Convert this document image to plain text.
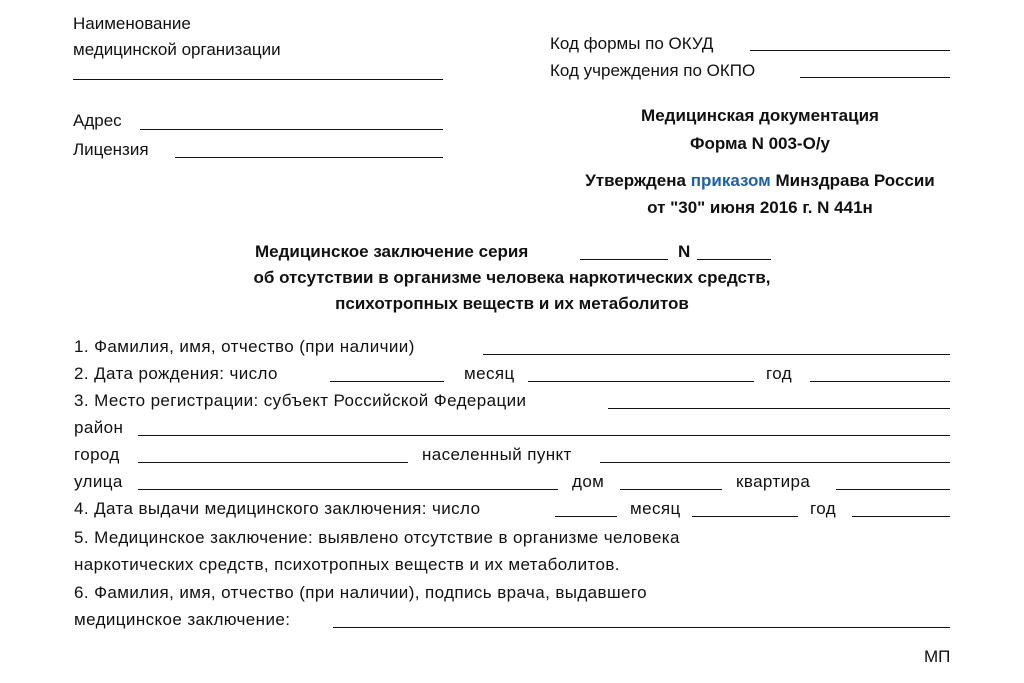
Наименование
медицинской организации
Адрес
Лицензия
Код формы по ОКУД
Код учреждения по ОКПО
Медицинская документация
Форма N 003-О/у
Утверждена приказом Минздрава России
от "30" июня 2016 г. N 441н
Медицинское заключение серия	N
об отсутствии в организме человека наркотических средств,
психотропных веществ и их метаболитов
1. Фамилия, имя, отчество (при наличии)
2. Дата рождения: число	месяц	год
3. Место регистрации: субъект Российской Федерации
район
город	населенный пункт
улица	дом	квартира
4. Дата выдачи медицинского заключения: число	месяц	год
5. Медицинское заключение: выявлено отсутствие в организме человека
наркотических средств, психотропных веществ и их метаболитов.
6. Фамилия, имя, отчество (при наличии), подпись врача, выдавшего
медицинское заключение:
МП
